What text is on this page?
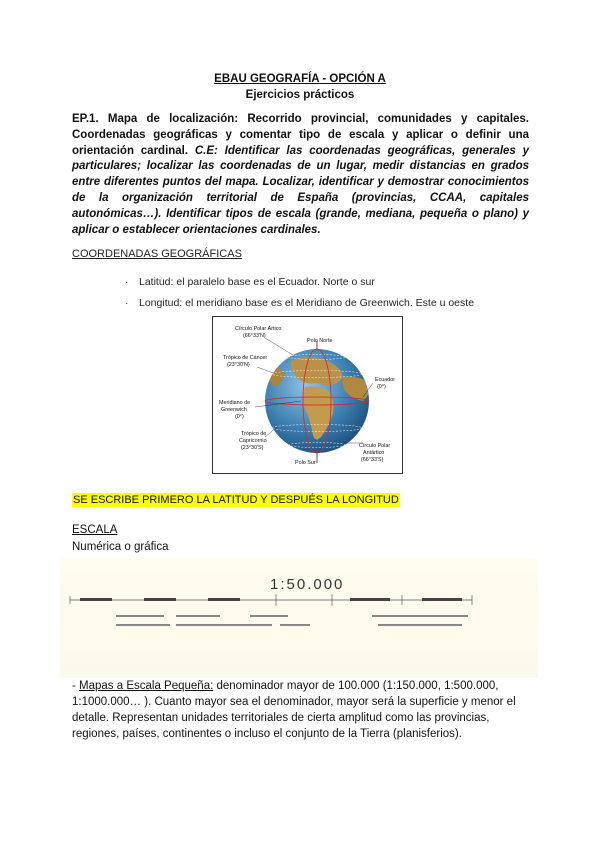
EBAU GEOGRAFÍA - OPCIÓN A
Ejercicios prácticos
EP.1. Mapa de localización: Recorrido provincial, comunidades y capitales. Coordenadas geográficas y comentar tipo de escala y aplicar o definir una orientación cardinal. C.E: Identificar las coordenadas geográficas, generales y particulares; localizar las coordenadas de un lugar, medir distancias en grados entre diferentes puntos del mapa. Localizar, identificar y demostrar conocimientos de la organización territorial de España (provincias, CCAA, capitales autonómicas…). Identificar tipos de escala (grande, mediana, pequeña o plano) y aplicar o establecer orientaciones cardinales.
COORDENADAS GEOGRÁFICAS
· Latitud: el paralelo base es el Ecuador. Norte o sur
· Longitud: el meridiano base es el Meridiano de Greenwich. Este u oeste
Círculo Polar Ártico
(66°33'N)
Polo Norte
Trópico de Cáncer
(23°30'N)
Ecuador
(0°)
Meridiano de
Greenwich
(0°)
Trópico de
Capricornio
(23°30'S)
Polo Sur
Círculo Polar
Antártico
(66°33'S)
SE ESCRIBE PRIMERO LA LATITUD Y DESPUÉS LA LONGITUD
ESCALA
Numérica o gráfica
1:50.000
- Mapas a Escala Pequeña: denominador mayor de 100.000 (1:150.000, 1:500.000, 1:1000.000… ). Cuanto mayor sea el denominador, mayor será la superficie y menor el detalle. Representan unidades territoriales de cierta amplitud como las provincias, regiones, países, continentes o incluso el conjunto de la Tierra (planisferios).
